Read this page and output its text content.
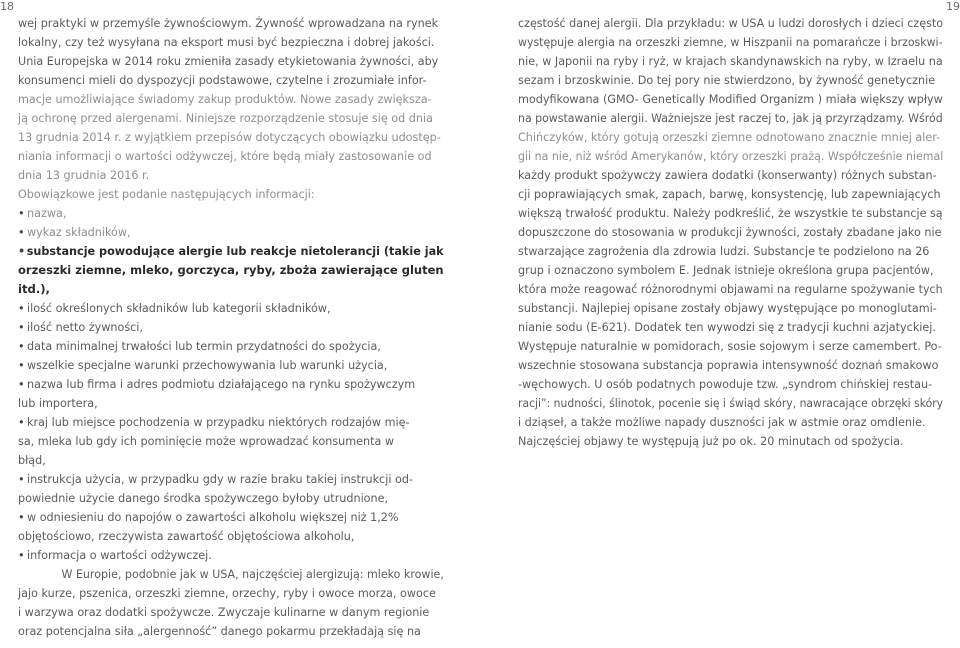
18	19
wej praktyki w przemyśle żywnościowym. Żywność wprowadzana na rynek
lokalny, czy też wysyłana na eksport musi być bezpieczna i dobrej jakości.
Unia Europejska w 2014 roku zmieniła zasady etykietowania żywności, aby
konsumenci mieli do dyspozycji podstawowe, czytelne i zrozumiałe infor-
macje umożliwiające świadomy zakup produktów. Nowe zasady zwiększa-
ją ochronę przed alergenami. Niniejsze rozporządzenie stosuje się od dnia
13 grudnia 2014 r. z wyjątkiem przepisów dotyczących obowiązku udostęp-
niania informacji o wartości odżywczej, które będą miały zastosowanie od
dnia 13 grudnia 2016 r.
Obowiązkowe jest podanie następujących informacji:
• nazwa,
• wykaz składników,
• substancje powodujące alergie lub reakcje nietolerancji (takie jak
orzeszki ziemne, mleko, gorczyca, ryby, zboża zawierające gluten
itd.),
• ilość określonych składników lub kategorii składników,
• ilość netto żywności,
• data minimalnej trwałości lub termin przydatności do spożycia,
• wszelkie specjalne warunki przechowywania lub warunki użycia,
• nazwa lub firma i adres podmiotu działającego na rynku spożywczym
lub importera,
• kraj lub miejsce pochodzenia w przypadku niektórych rodzajów mię-
sa, mleka lub gdy ich pominięcie może wprowadzać konsumenta w
błąd,
• instrukcja użycia, w przypadku gdy w razie braku takiej instrukcji od-
powiednie użycie danego środka spożywczego byłoby utrudnione,
• w odniesieniu do napojów o zawartości alkoholu większej niż 1,2%
objętościowo, rzeczywista zawartość objętościowa alkoholu,
• informacja o wartości odżywczej.
W Europie, podobnie jak w USA, najczęściej alergizują: mleko krowie,
jajo kurze, pszenica, orzeszki ziemne, orzechy, ryby i owoce morza, owoce
i warzywa oraz dodatki spożywcze. Zwyczaje kulinarne w danym regionie
oraz potencjalna siła „alergenność” danego pokarmu przekładają się na
częstość danej alergii. Dla przykładu: w USA u ludzi dorosłych i dzieci często
występuje alergia na orzeszki ziemne, w Hiszpanii na pomarańcze i brzoskwi-
nie, w Japonii na ryby i ryż, w krajach skandynawskich na ryby, w Izraelu na
sezam i brzoskwinie. Do tej pory nie stwierdzono, by żywność genetycznie
modyfikowana (GMO- Genetically Modified Organizm ) miała większy wpływ
na powstawanie alergii. Ważniejsze jest raczej to, jak ją przyrządzamy. Wśród
Chińczyków, który gotują orzeszki ziemne odnotowano znacznie mniej aler-
gii na nie, niż wśród Amerykanów, który orzeszki prażą. Współcześnie niemal
każdy produkt spożywczy zawiera dodatki (konserwanty) różnych substan-
cji poprawiających smak, zapach, barwę, konsystencję, lub zapewniających
większą trwałość produktu. Należy podkreślić, że wszystkie te substancje są
dopuszczone do stosowania w produkcji żywności, zostały zbadane jako nie
stwarzające zagrożenia dla zdrowia ludzi. Substancje te podzielono na 26
grup i oznaczono symbolem E. Jednak istnieje określona grupa pacjentów,
która może reagować różnorodnymi objawami na regularne spożywanie tych
substancji. Najlepiej opisane zostały objawy występujące po monoglutami-
nianie sodu (E-621). Dodatek ten wywodzi się z tradycji kuchni azjatyckiej.
Występuje naturalnie w pomidorach, sosie sojowym i serze camembert. Po-
wszechnie stosowana substancja poprawia intensywność doznań smakowo
-węchowych. U osób podatnych powoduje tzw. „syndrom chińskiej restau-
racji”: nudności, ślinotok, pocenie się i świąd skóry, nawracające obrzęki skóry
i dziąseł, a także możliwe napady duszności jak w astmie oraz omdlenie.
Najczęściej objawy te występują już po ok. 20 minutach od spożycia.
